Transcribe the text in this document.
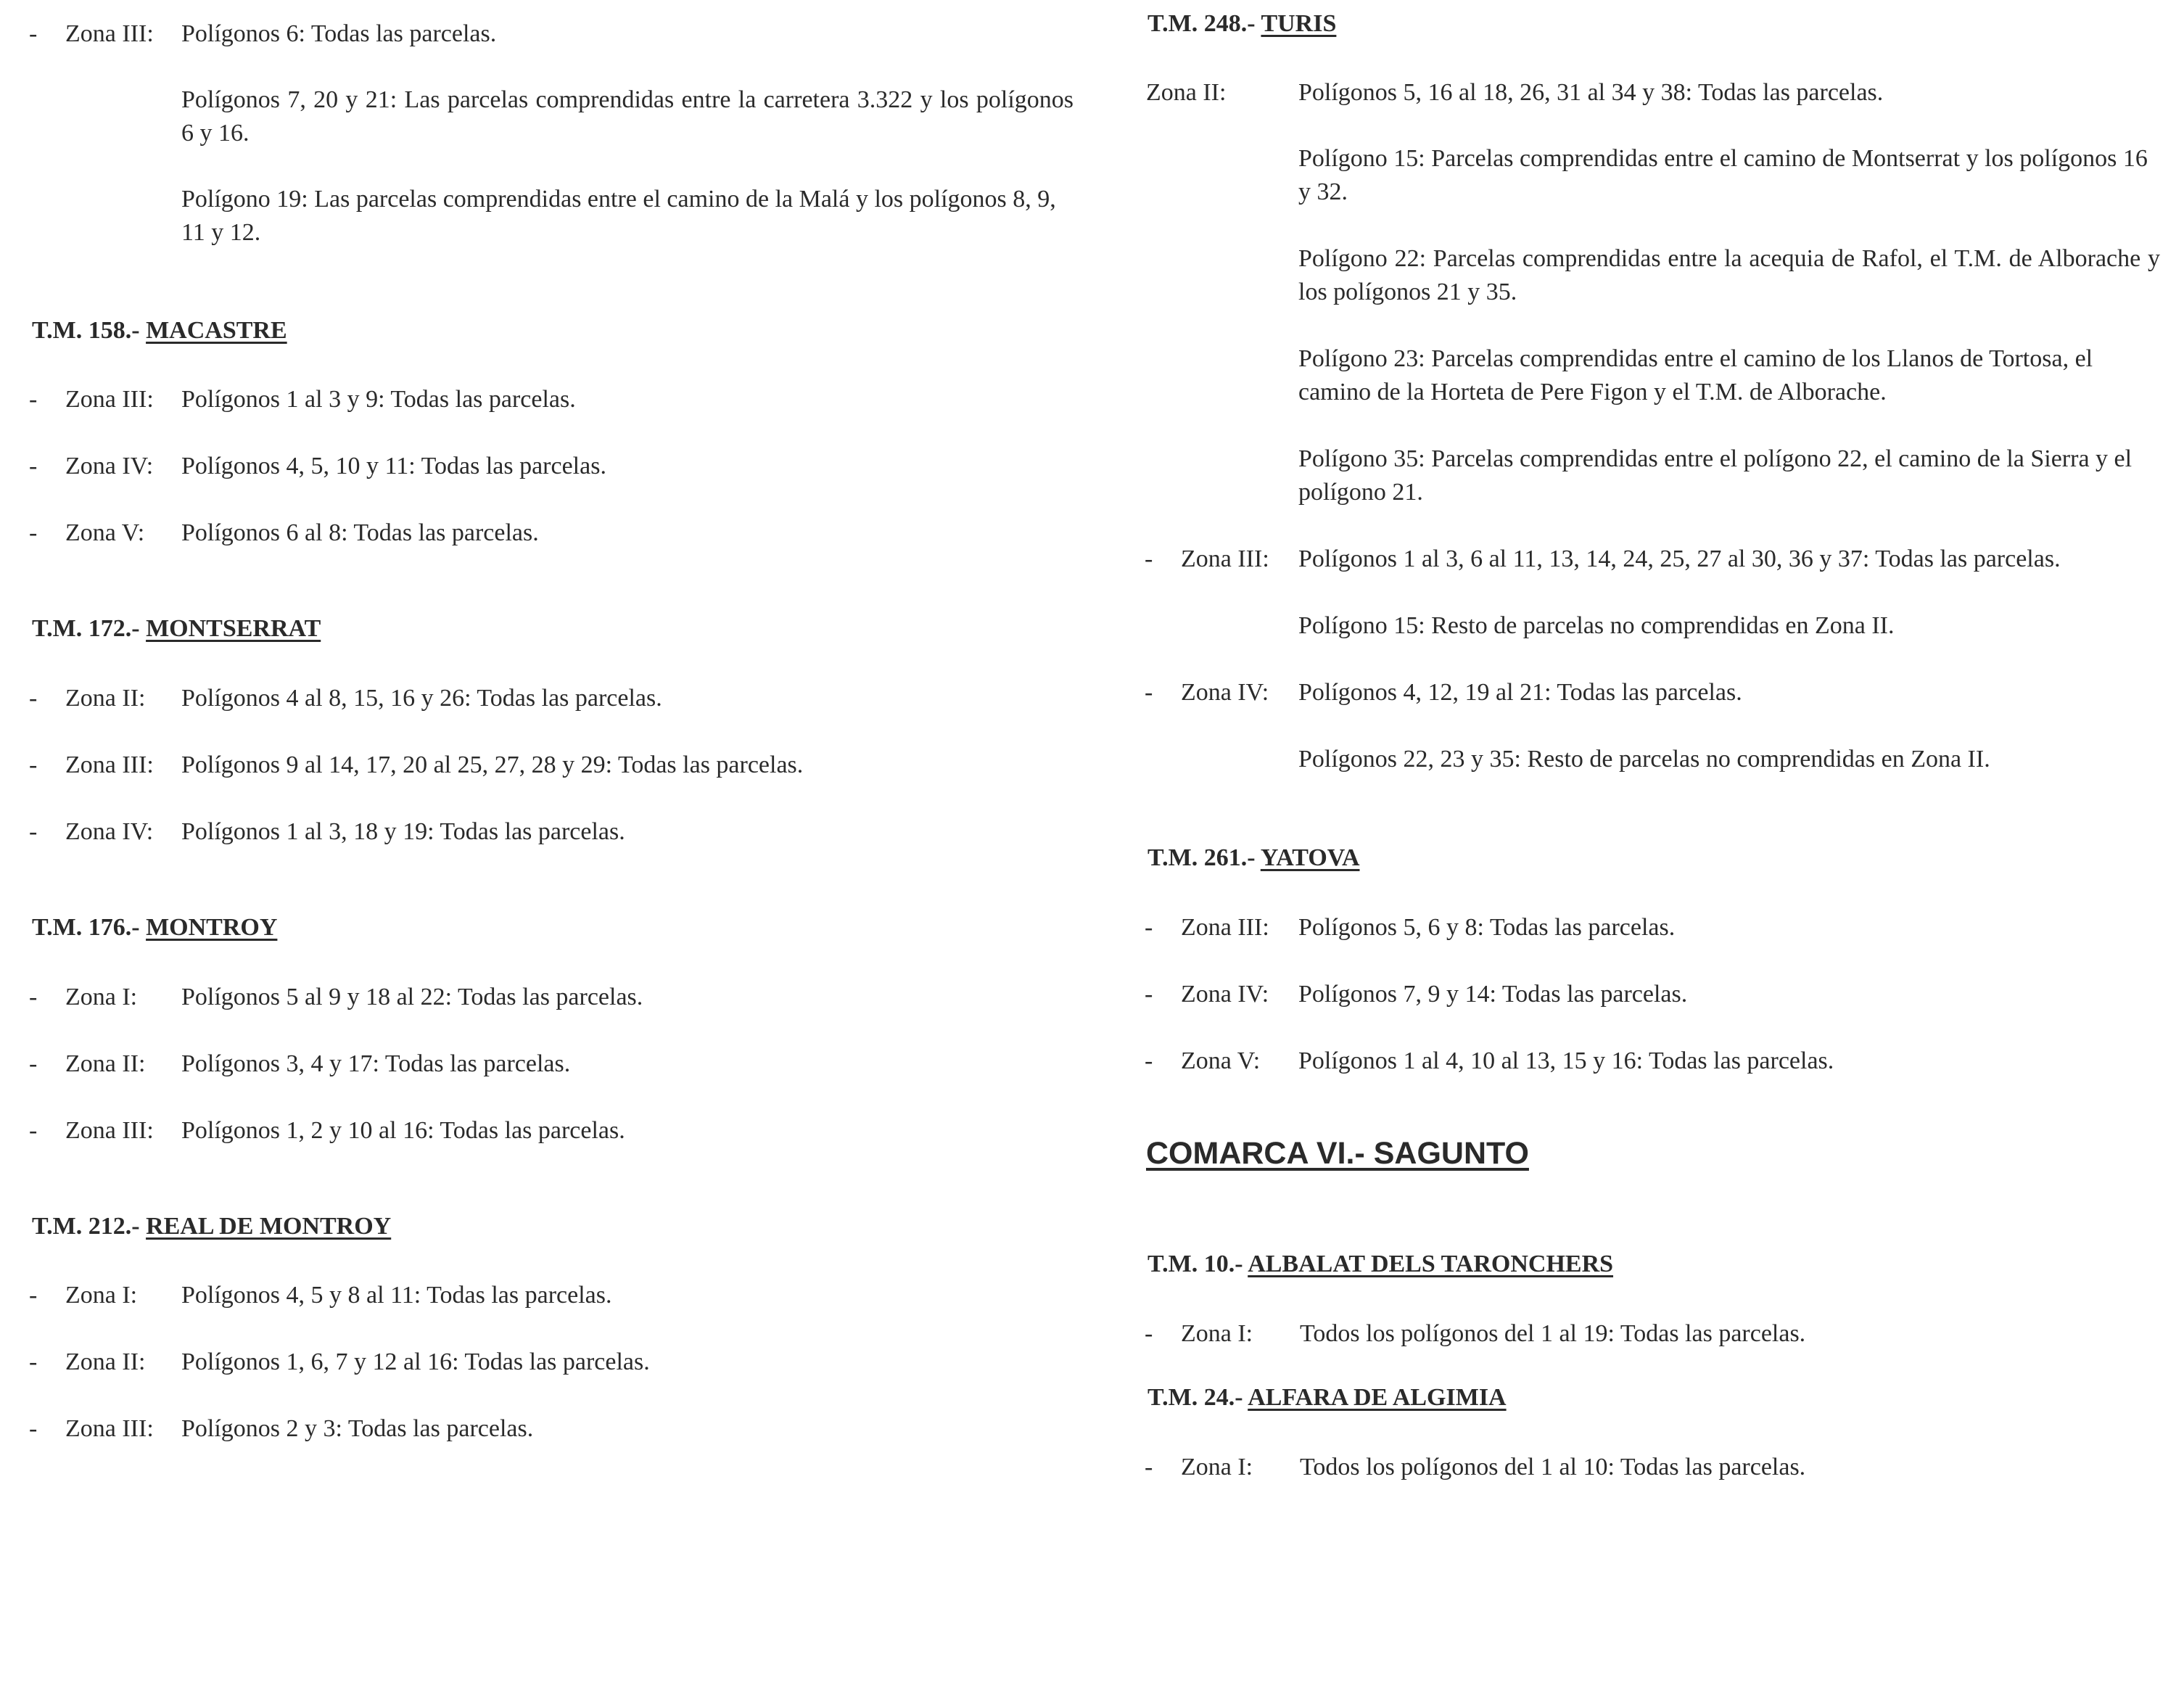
- Zona III: Polígonos 6: Todas las parcelas.
Polígonos 7, 20 y 21: Las parcelas comprendidas entre la carretera 3.322 y los polígonos 6 y 16.
Polígono 19: Las parcelas comprendidas entre el camino de la Malá y los polígonos 8, 9, 11 y 12.
T.M. 158.- MACASTRE
- Zona III: Polígonos 1 al 3 y 9: Todas las parcelas.
- Zona IV: Polígonos 4, 5, 10 y 11: Todas las parcelas.
- Zona V: Polígonos 6 al 8: Todas las parcelas.
T.M. 172.- MONTSERRAT
- Zona II: Polígonos 4 al 8, 15, 16 y 26: Todas las parcelas.
- Zona III: Polígonos 9 al 14, 17, 20 al 25, 27, 28 y 29: Todas las parcelas.
- Zona IV: Polígonos 1 al 3, 18 y 19: Todas las parcelas.
T.M. 176.- MONTROY
- Zona I: Polígonos 5 al 9 y 18 al 22: Todas las parcelas.
- Zona II: Polígonos 3, 4 y 17: Todas las parcelas.
- Zona III: Polígonos 1, 2 y 10 al 16: Todas las parcelas.
T.M. 212.- REAL DE MONTROY
- Zona I: Polígonos 4, 5 y 8 al 11: Todas las parcelas.
- Zona II: Polígonos 1, 6, 7 y 12 al 16: Todas las parcelas.
- Zona III: Polígonos 2 y 3: Todas las parcelas.
T.M. 248.- TURIS
Zona II:	Polígonos 5, 16 al 18, 26, 31 al 34 y 38: Todas las parcelas.
Polígono 15: Parcelas comprendidas entre el camino de Montserrat y los polígonos 16 y 32.
Polígono 22: Parcelas comprendidas entre la acequia de Rafol, el T.M. de Alborache y los polígonos 21 y 35.
Polígono 23: Parcelas comprendidas entre el camino de los Llanos de Tortosa, el camino de la Horteta de Pere Figon y el T.M. de Alborache.
Polígono 35: Parcelas comprendidas entre el polígono 22, el camino de la Sierra y el polígono 21.
- Zona III: Polígonos 1 al 3, 6 al 11, 13, 14, 24, 25, 27 al 30, 36 y 37: Todas las parcelas.
Polígono 15: Resto de parcelas no comprendidas en Zona II.
- Zona IV: Polígonos 4, 12, 19 al 21: Todas las parcelas.
Polígonos 22, 23 y 35: Resto de parcelas no comprendidas en Zona II.
T.M. 261.- YATOVA
- Zona III: Polígonos 5, 6 y 8: Todas las parcelas.
- Zona IV: Polígonos 7, 9 y 14: Todas las parcelas.
- Zona V: Polígonos 1 al 4, 10 al 13, 15 y 16: Todas las parcelas.
COMARCA VI.- SAGUNTO
T.M. 10.- ALBALAT DELS TARONCHERS
- Zona I: Todos los polígonos del 1 al 19: Todas las parcelas.
T.M. 24.- ALFARA DE ALGIMIA
- Zona I: Todos los polígonos del 1 al 10: Todas las parcelas.
